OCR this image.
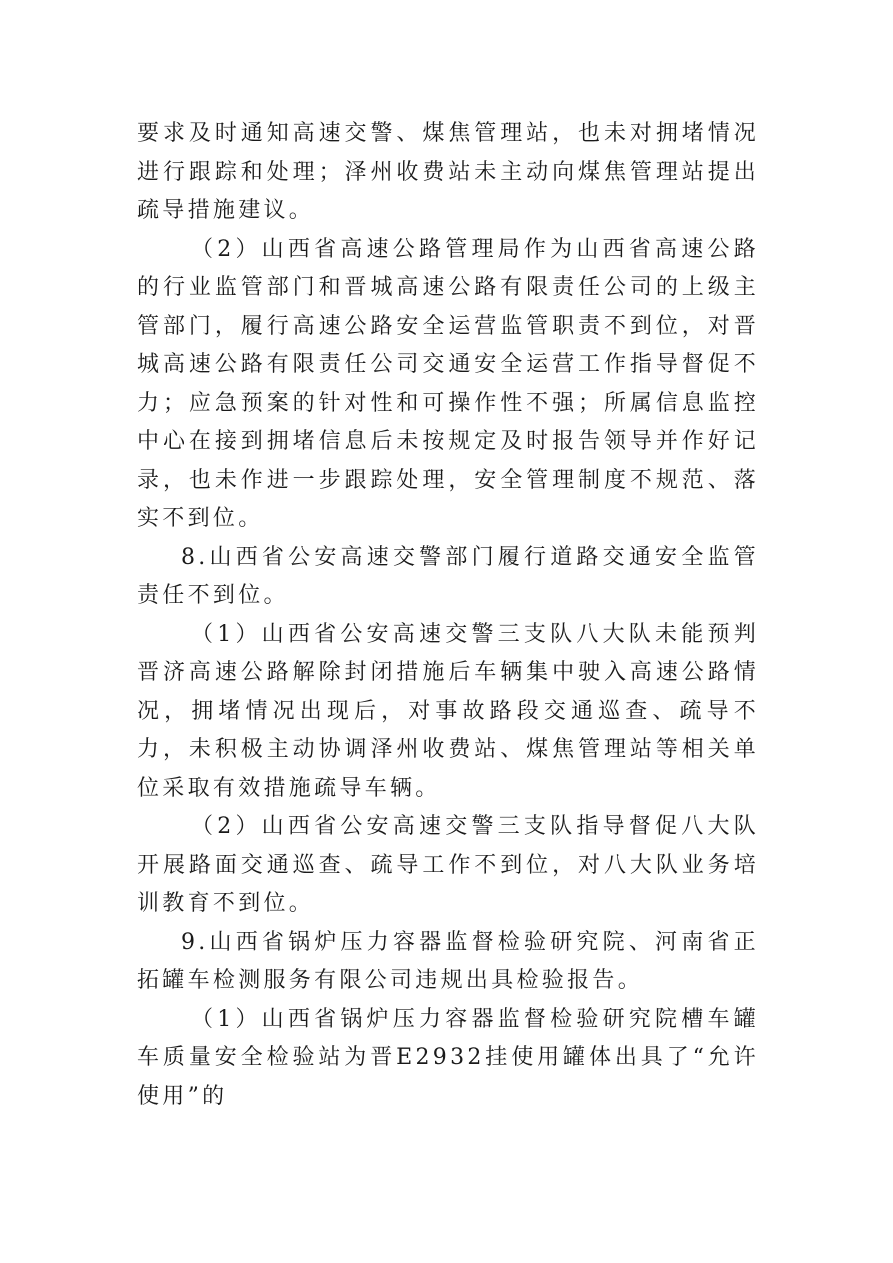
要求及时通知高速交警、煤焦管理站，也未对拥堵情况进行跟踪和处理；泽州收费站未主动向煤焦管理站提出疏导措施建议。

（2）山西省高速公路管理局作为山西省高速公路的行业监管部门和晋城高速公路有限责任公司的上级主管部门，履行高速公路安全运营监管职责不到位，对晋城高速公路有限责任公司交通安全运营工作指导督促不力；应急预案的针对性和可操作性不强；所属信息监控中心在接到拥堵信息后未按规定及时报告领导并作好记录，也未作进一步跟踪处理，安全管理制度不规范、落实不到位。

8.山西省公安高速交警部门履行道路交通安全监管责任不到位。

（1）山西省公安高速交警三支队八大队未能预判晋济高速公路解除封闭措施后车辆集中驶入高速公路情况，拥堵情况出现后，对事故路段交通巡查、疏导不力，未积极主动协调泽州收费站、煤焦管理站等相关单位采取有效措施疏导车辆。

（2）山西省公安高速交警三支队指导督促八大队开展路面交通巡查、疏导工作不到位，对八大队业务培训教育不到位。

9.山西省锅炉压力容器监督检验研究院、河南省正拓罐车检测服务有限公司违规出具检验报告。

（1）山西省锅炉压力容器监督检验研究院槽车罐车质量安全检验站为晋E2932挂使用罐体出具了“允许使用”的
